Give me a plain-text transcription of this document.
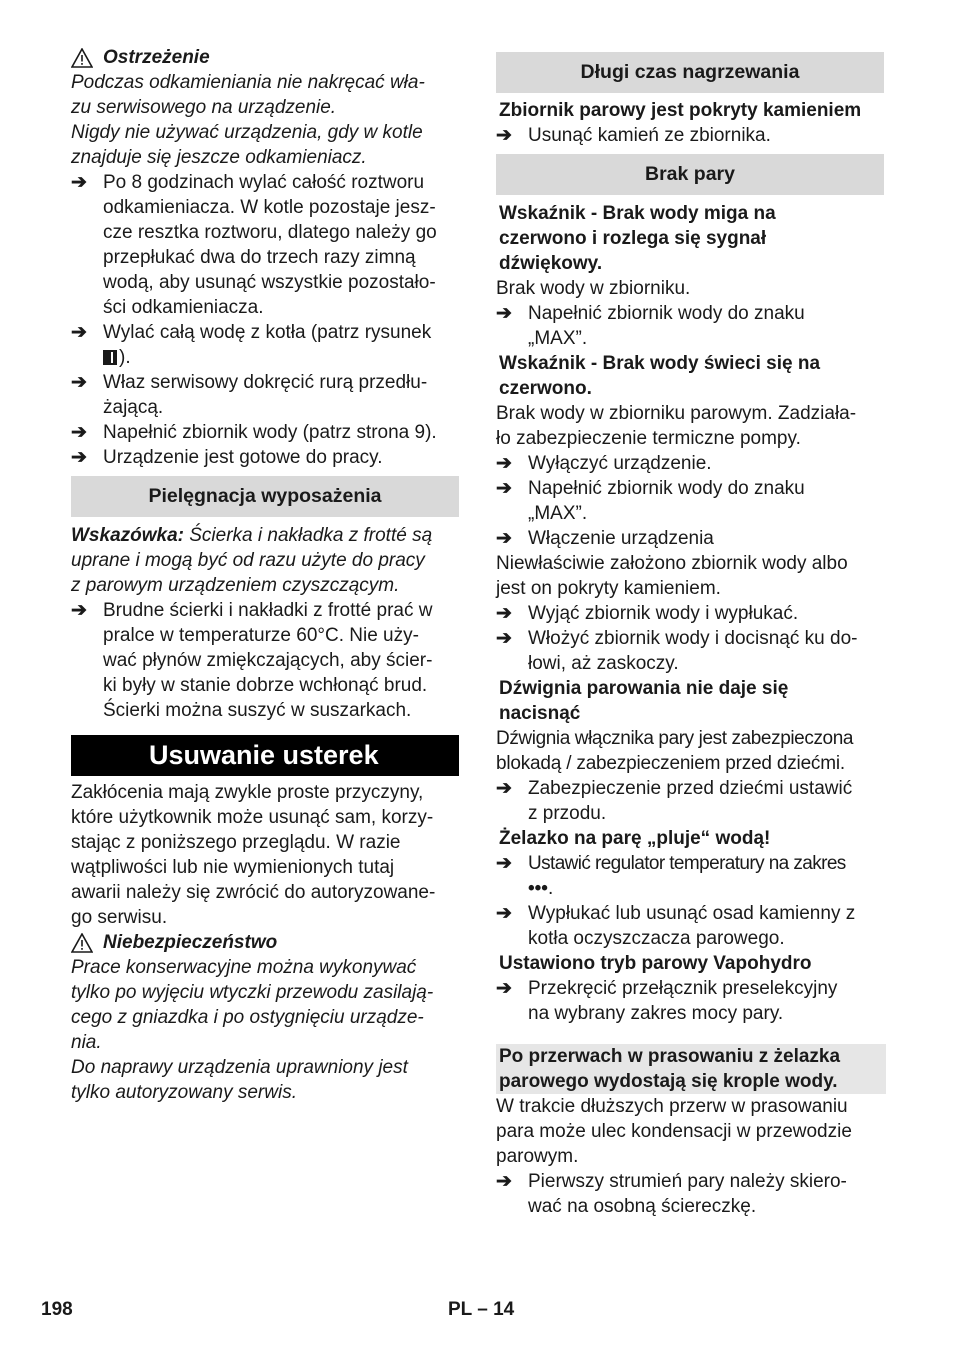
Ostrzeżenie
Podczas odkamieniania nie nakręcać wła-
zu serwisowego na urządzenie.
Nigdy nie używać urządzenia, gdy w kotle
znajduje się jeszcze odkamieniacz.
➔ Po 8 godzinach wylać całość roztworu
odkamieniacza. W kotle pozostaje jesz-
cze resztka roztworu, dlatego należy go
przepłukać dwa do trzech razy zimną
wodą, aby usunąć wszystkie pozostało-
ści odkamieniacza.
➔ Wylać całą wodę z kotła (patrz rysunek
).
➔ Właz serwisowy dokręcić rurą przedłu-
żającą.
➔ Napełnić zbiornik wody (patrz strona 9).
➔ Urządzenie jest gotowe do pracy.
Pielęgnacja wyposażenia
Wskazówka: Ścierka i nakładka z frotté są
uprane i mogą być od razu użyte do pracy
z parowym urządzeniem czyszczącym.
➔ Brudne ścierki i nakładki z frotté prać w
pralce w temperaturze 60°C. Nie uży-
wać płynów zmiękczających, aby ścier-
ki były w stanie dobrze wchłonąć brud.
Ścierki można suszyć w suszarkach.
Usuwanie usterek
Zakłócenia mają zwykle proste przyczyny,
które użytkownik może usunąć sam, korzy-
stając z poniższego przeglądu. W razie
wątpliwości lub nie wymienionych tutaj
awarii należy się zwrócić do autoryzowane-
go serwisu.
Niebezpieczeństwo
Prace konserwacyjne można wykonywać
tylko po wyjęciu wtyczki przewodu zasilają-
cego z gniazdka i po ostygnięciu urządze-
nia.
Do naprawy urządzenia uprawniony jest
tylko autoryzowany serwis.
Długi czas nagrzewania
Zbiornik parowy jest pokryty kamieniem
➔ Usunąć kamień ze zbiornika.
Brak pary
Wskaźnik - Brak wody miga na
czerwono i rozlega się sygnał
dźwiękowy.
Brak wody w zbiorniku.
➔ Napełnić zbiornik wody do znaku
„MAX”.
Wskaźnik - Brak wody świeci się na
czerwono.
Brak wody w zbiorniku parowym. Zadziała-
ło zabezpieczenie termiczne pompy.
➔ Wyłączyć urządzenie.
➔ Napełnić zbiornik wody do znaku
„MAX”.
➔ Włączenie urządzenia
Niewłaściwie założono zbiornik wody albo
jest on pokryty kamieniem.
➔ Wyjąć zbiornik wody i wypłukać.
➔ Włożyć zbiornik wody i docisnąć ku do-
łowi, aż zaskoczy.
Dźwignia parowania nie daje się
nacisnąć
Dźwignia włącznika pary jest zabezpieczona
blokadą / zabezpieczeniem przed dziećmi.
➔ Zabezpieczenie przed dziećmi ustawić
z przodu.
Żelazko na parę „pluje“ wodą!
➔ Ustawić regulator temperatury na zakres
•••.
➔ Wypłukać lub usunąć osad kamienny z
kotła oczyszczacza parowego.
Ustawiono tryb parowy Vapohydro
➔ Przekręcić przełącznik preselekcyjny
na wybrany zakres mocy pary.
Po przerwach w prasowaniu z żelazka
parowego wydostają się krople wody.
W trakcie dłuższych przerw w prasowaniu
para może ulec kondensacji w przewodzie
parowym.
➔ Pierwszy strumień pary należy skiero-
wać na osobną ściereczkę.
198	PL – 14
